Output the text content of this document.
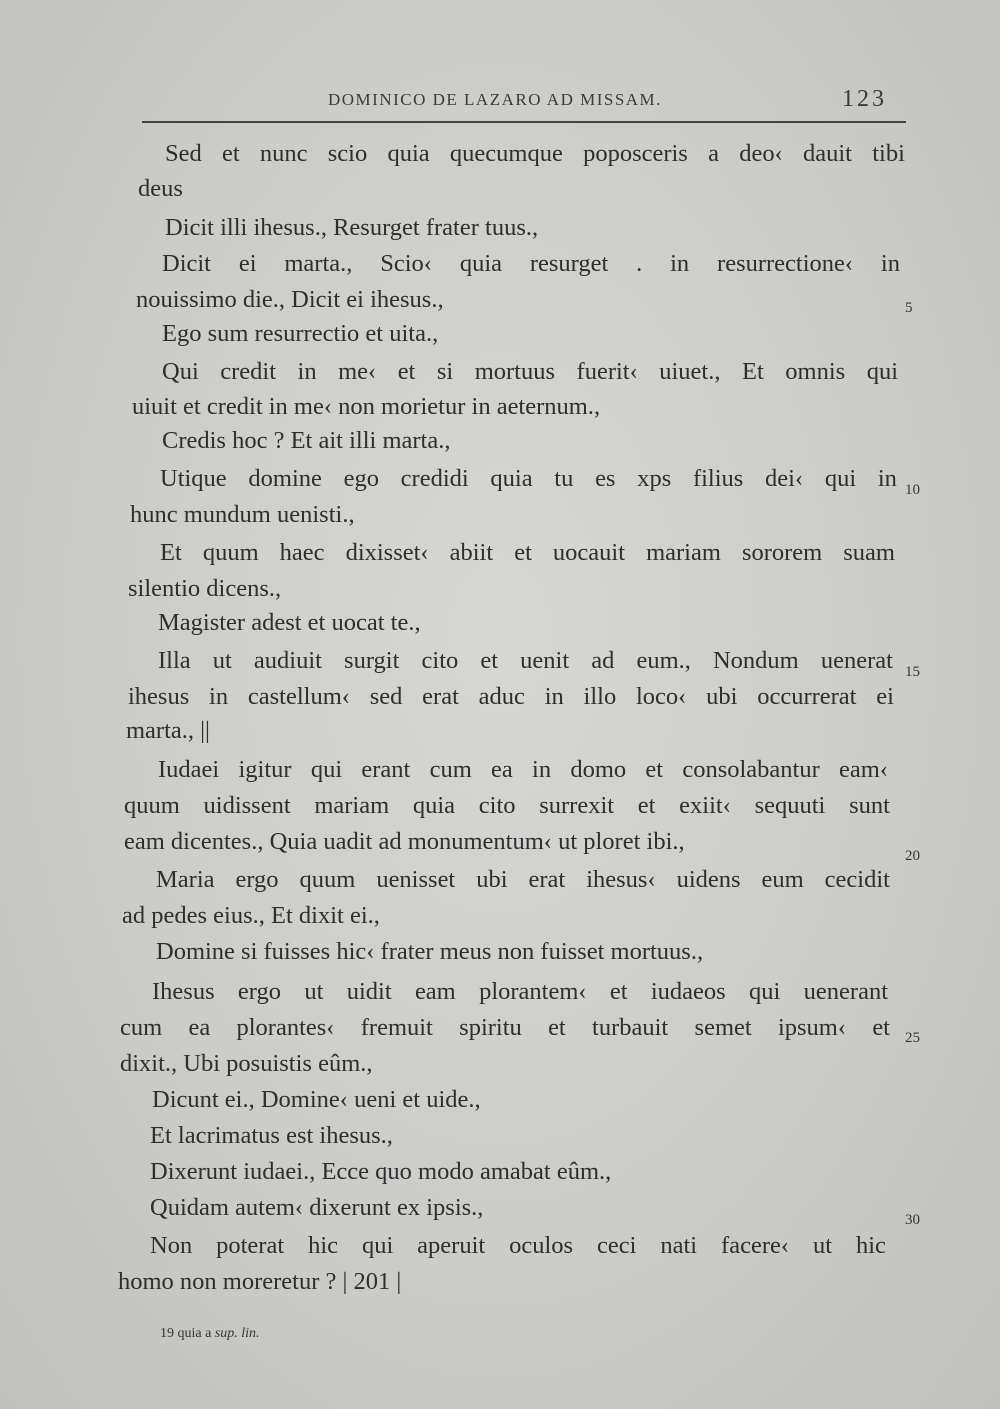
DOMINICO DE LAZARO AD MISSAM.	123
Sed et nunc scio quia quecumque poposceris a deo‹ dauit tibi
deus
Dicit illi ihesus., Resurget frater tuus.,
Dicit ei marta., Scio‹ quia resurget . in resurrectione‹ in
nouissimo die., Dicit ei ihesus.,
Ego sum resurrectio et uita.,
Qui credit in me‹ et si mortuus fuerit‹ uiuet., Et omnis qui
uiuit et credit in me‹ non morietur in aeternum.,
Credis hoc ? Et ait illi marta.,
Utique domine ego credidi quia tu es xps filius dei‹ qui in
hunc mundum uenisti.,
Et quum haec dixisset‹ abiit et uocauit mariam sororem suam
silentio dicens.,
Magister adest et uocat te.,
Illa ut audiuit surgit cito et uenit ad eum., Nondum uenerat
ihesus in castellum‹ sed erat aduc in illo loco‹ ubi occurrerat ei
marta., ||
Iudaei igitur qui erant cum ea in domo et consolabantur eam‹
quum uidissent mariam quia cito surrexit et exiit‹ sequuti sunt
eam dicentes., Quia uadit ad monumentum‹ ut ploret ibi.,
Maria ergo quum uenisset ubi erat ihesus‹ uidens eum cecidit
ad pedes eius., Et dixit ei.,
Domine si fuisses hic‹ frater meus non fuisset mortuus.,
Ihesus ergo ut uidit eam plorantem‹ et iudaeos qui uenerant
cum ea plorantes‹ fremuit spiritu et turbauit semet ipsum‹ et
dixit., Ubi posuistis eûm.,
Dicunt ei., Domine‹ ueni et uide.,
Et lacrimatus est ihesus.,
Dixerunt iudaei., Ecce quo modo amabat eûm.,
Quidam autem‹ dixerunt ex ipsis.,
Non poterat hic qui aperuit oculos ceci nati facere‹ ut hic
homo non moreretur ? | 201 |
5
10
15
20
25
30
19 quia a sup. lin.
